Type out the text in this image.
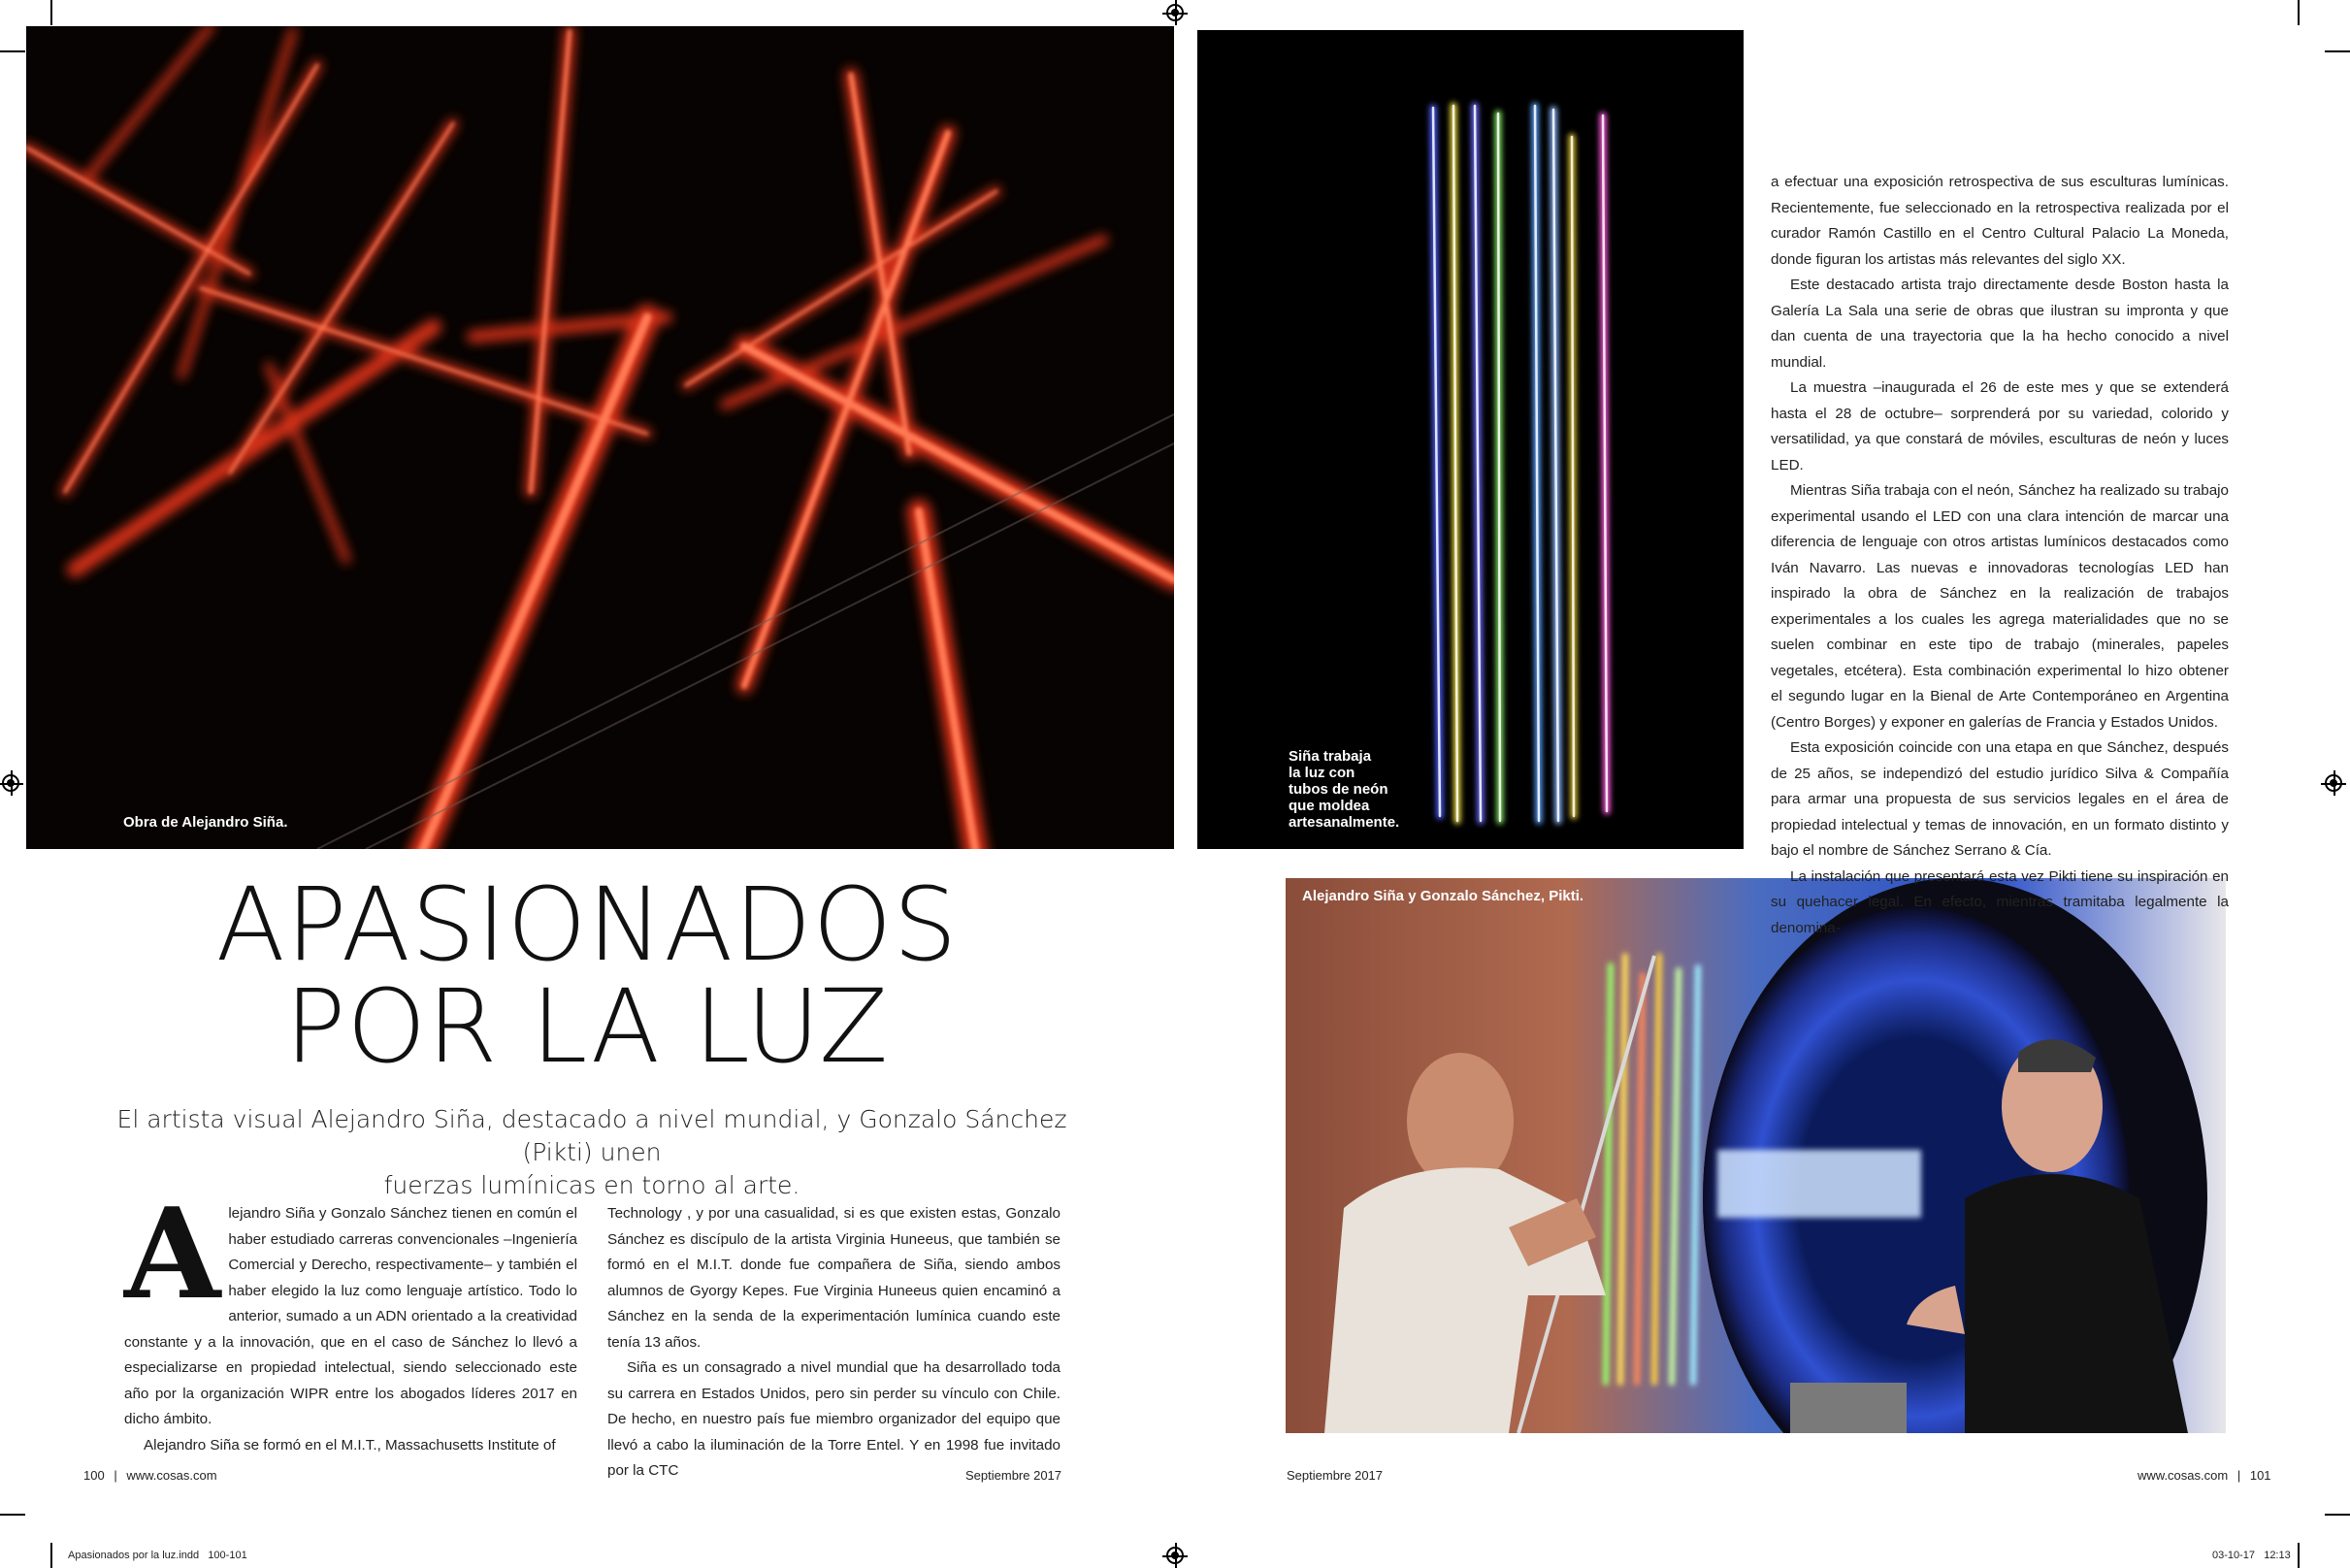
Obra de Alejandro Siña.
Siña trabaja
la luz con
tubos de neón
que moldea
artesanalmente.
Alejandro Siña y Gonzalo Sánchez, Pikti.
APASIONADOS
POR LA LUZ
El artista visual Alejandro Siña, destacado a nivel mundial, y Gonzalo Sánchez (Pikti) unen
fuerzas lumínicas en torno al arte.

Alejandro Siña y Gonzalo Sánchez tienen en común el haber estudiado carreras convencionales –Ingeniería Comercial y Derecho, respectivamente– y también el haber elegido la luz como lenguaje artístico. Todo lo anterior, sumado a un ADN orientado a la creatividad constante y a la innovación, que en el caso de Sánchez lo llevó a especializarse en propiedad intelectual, siendo seleccionado este año por la organización WIPR entre los abogados líderes 2017 en dicho ámbito.

Alejandro Siña se formó en el M.I.T., Massachusetts Institute of

Technology , y por una casualidad, si es que existen estas, Gonzalo Sánchez es discípulo de la artista Virginia Huneeus, que también se formó en el M.I.T. donde fue compañera de Siña, siendo ambos alumnos de Gyorgy Kepes. Fue Virginia Huneeus quien encaminó a Sánchez en la senda de la experimentación lumínica cuando este tenía 13 años.

Siña es un consagrado a nivel mundial que ha desarrollado toda su carrera en Estados Unidos, pero sin perder su vínculo con Chile. De hecho, en nuestro país fue miembro organizador del equipo que llevó a cabo la iluminación de la Torre Entel. Y en 1998 fue invitado por la CTC

a efectuar una exposición retrospectiva de sus esculturas lumínicas. Recientemente, fue seleccionado en la retrospectiva realizada por el curador Ramón Castillo en el Centro Cultural Palacio La Moneda, donde figuran los artistas más relevantes del siglo XX.

Este destacado artista trajo directamente desde Boston hasta la Galería La Sala una serie de obras que ilustran su impronta y que dan cuenta de una trayectoria que la ha hecho conocido a nivel mundial.

La muestra –inaugurada el 26 de este mes y que se extenderá hasta el 28 de octubre– sorprenderá por su variedad, colorido y versatilidad, ya que constará de móviles, esculturas de neón y luces LED.

Mientras Siña trabaja con el neón, Sánchez ha realizado su trabajo experimental usando el LED con una clara intención de marcar una diferencia de lenguaje con otros artistas lumínicos destacados como Iván Navarro. Las nuevas e innovadoras tecnologías LED han inspirado la obra de Sánchez en la realización de trabajos experimentales a los cuales les agrega materialidades que no se suelen combinar en este tipo de trabajo (minerales, papeles vegetales, etcétera). Esta combinación experimental lo hizo obtener el segundo lugar en la Bienal de Arte Contemporáneo en Argentina (Centro Borges) y exponer en galerías de Francia y Estados Unidos.

Esta exposición coincide con una etapa en que Sánchez, después de 25 años, se independizó del estudio jurídico Silva & Compañía para armar una propuesta de sus servicios legales en el área de propiedad intelectual y temas de innovación, en un formato distinto y bajo el nombre de Sánchez Serrano & Cía.

La instalación que presentará esta vez Pikti tiene su inspiración en su quehacer legal. En efecto, mientras tramitaba legalmente la denomina-

100 | www.cosas.com	Septiembre 2017	Septiembre 2017	www.cosas.com | 101
Apasionados por la luz.indd   100-101	03-10-17   12:13
